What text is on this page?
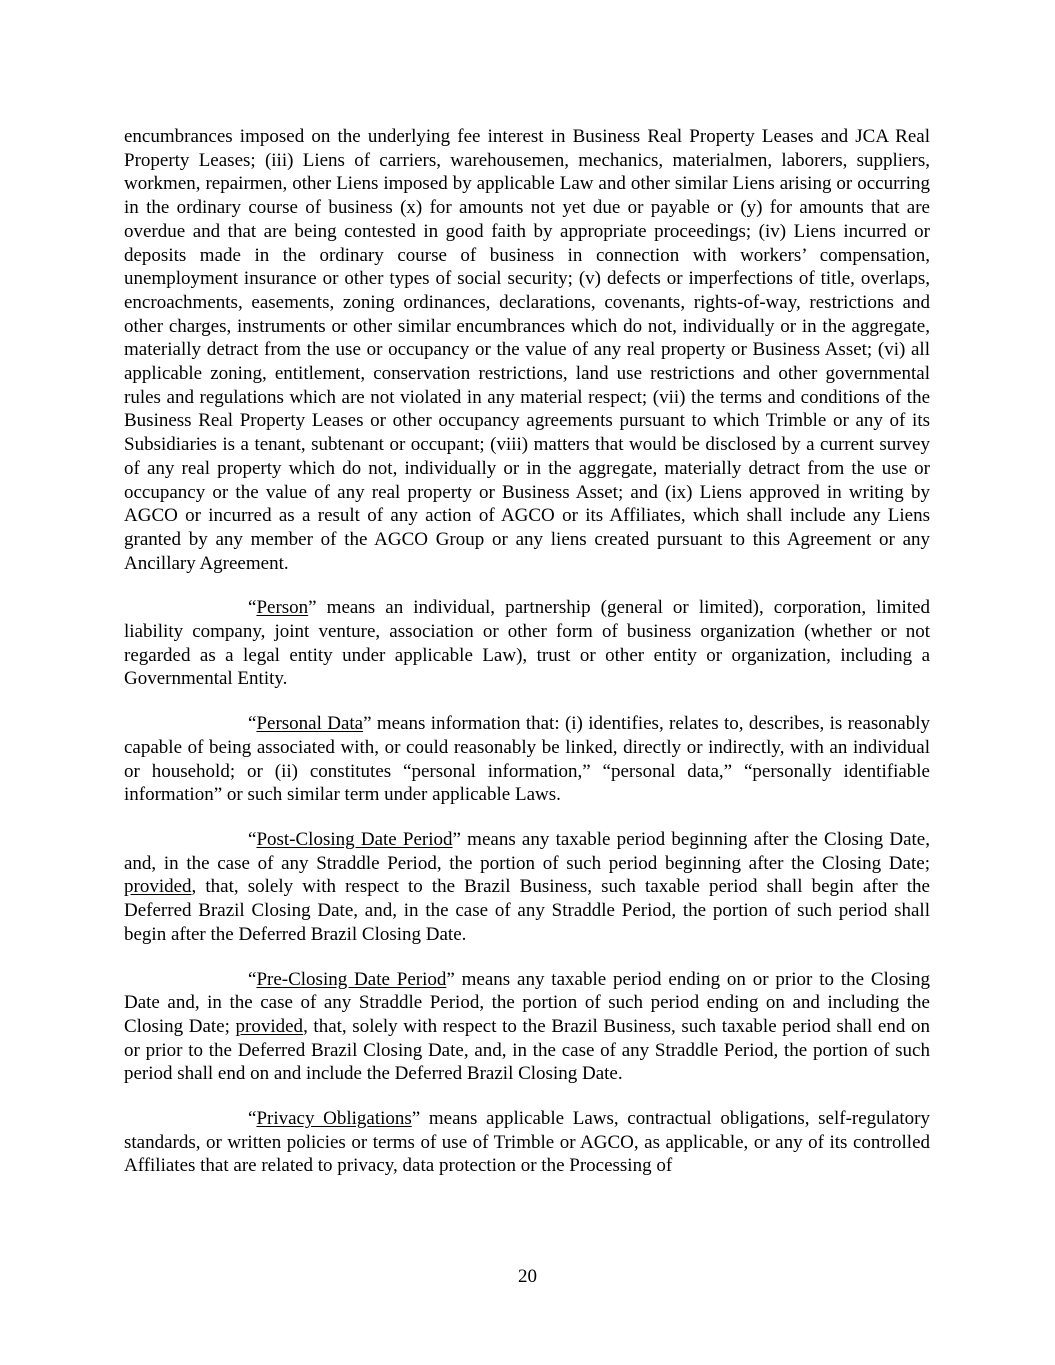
encumbrances imposed on the underlying fee interest in Business Real Property Leases and JCA Real Property Leases; (iii) Liens of carriers, warehousemen, mechanics, materialmen, laborers, suppliers, workmen, repairmen, other Liens imposed by applicable Law and other similar Liens arising or occurring in the ordinary course of business (x) for amounts not yet due or payable or (y) for amounts that are overdue and that are being contested in good faith by appropriate proceedings; (iv) Liens incurred or deposits made in the ordinary course of business in connection with workers’ compensation, unemployment insurance or other types of social security; (v) defects or imperfections of title, overlaps, encroachments, easements, zoning ordinances, declarations, covenants, rights-of-way, restrictions and other charges, instruments or other similar encumbrances which do not, individually or in the aggregate, materially detract from the use or occupancy or the value of any real property or Business Asset; (vi) all applicable zoning, entitlement, conservation restrictions, land use restrictions and other governmental rules and regulations which are not violated in any material respect; (vii) the terms and conditions of the Business Real Property Leases or other occupancy agreements pursuant to which Trimble or any of its Subsidiaries is a tenant, subtenant or occupant; (viii) matters that would be disclosed by a current survey of any real property which do not, individually or in the aggregate, materially detract from the use or occupancy or the value of any real property or Business Asset; and (ix) Liens approved in writing by AGCO or incurred as a result of any action of AGCO or its Affiliates, which shall include any Liens granted by any member of the AGCO Group or any liens created pursuant to this Agreement or any Ancillary Agreement.

“Person” means an individual, partnership (general or limited), corporation, limited liability company, joint venture, association or other form of business organization (whether or not regarded as a legal entity under applicable Law), trust or other entity or organization, including a Governmental Entity.

“Personal Data” means information that: (i) identifies, relates to, describes, is reasonably capable of being associated with, or could reasonably be linked, directly or indirectly, with an individual or household; or (ii) constitutes “personal information,” “personal data,” “personally identifiable information” or such similar term under applicable Laws.

“Post-Closing Date Period” means any taxable period beginning after the Closing Date, and, in the case of any Straddle Period, the portion of such period beginning after the Closing Date; provided, that, solely with respect to the Brazil Business, such taxable period shall begin after the Deferred Brazil Closing Date, and, in the case of any Straddle Period, the portion of such period shall begin after the Deferred Brazil Closing Date.

“Pre-Closing Date Period” means any taxable period ending on or prior to the Closing Date and, in the case of any Straddle Period, the portion of such period ending on and including the Closing Date; provided, that, solely with respect to the Brazil Business, such taxable period shall end on or prior to the Deferred Brazil Closing Date, and, in the case of any Straddle Period, the portion of such period shall end on and include the Deferred Brazil Closing Date.

“Privacy Obligations” means applicable Laws, contractual obligations, self-regulatory standards, or written policies or terms of use of Trimble or AGCO, as applicable, or any of its controlled Affiliates that are related to privacy, data protection or the Processing of

20
